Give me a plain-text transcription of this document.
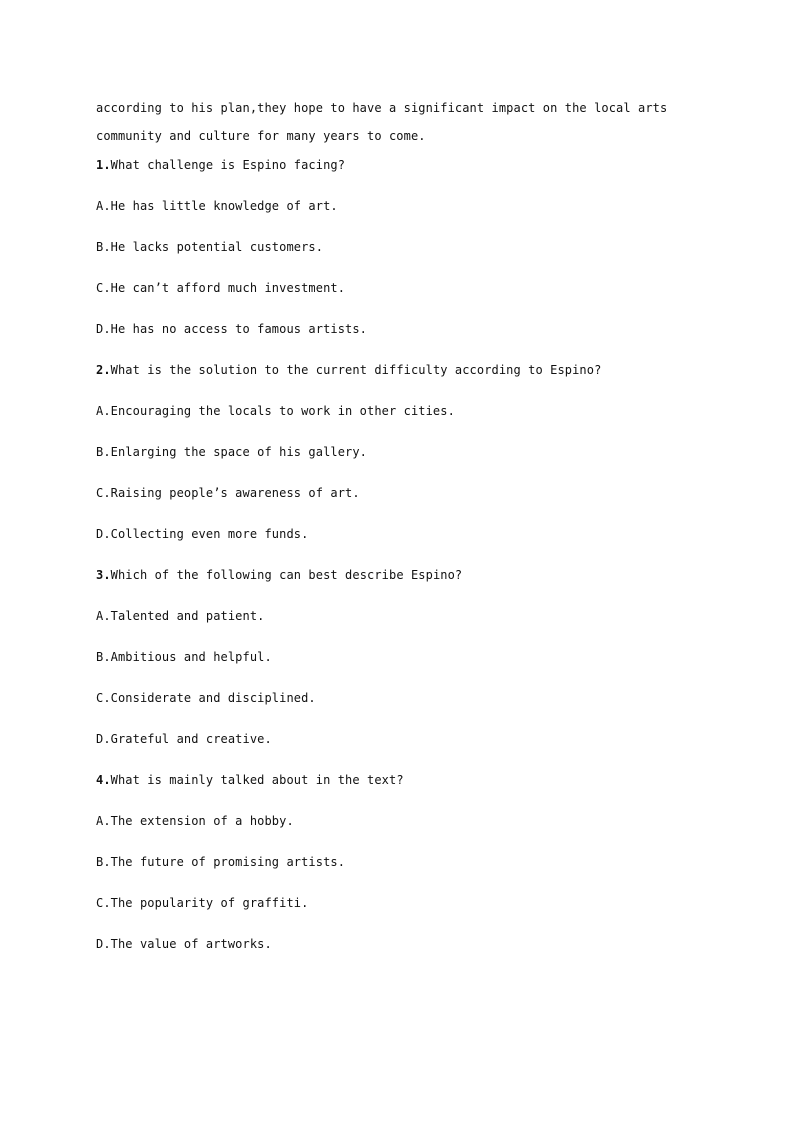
according to his plan,they hope to have a significant impact on the local arts
community and culture for many years to come.
1.What challenge is Espino facing?
A.He has little knowledge of art.
B.He lacks potential customers.
C.He can’t afford much investment.
D.He has no access to famous artists.
2.What is the solution to the current difficulty according to Espino?
A.Encouraging the locals to work in other cities.
B.Enlarging the space of his gallery.
C.Raising people’s awareness of art.
D.Collecting even more funds.
3.Which of the following can best describe Espino?
A.Talented and patient.
B.Ambitious and helpful.
C.Considerate and disciplined.
D.Grateful and creative.
4.What is mainly talked about in the text?
A.The extension of a hobby.
B.The future of promising artists.
C.The popularity of graffiti.
D.The value of artworks.
